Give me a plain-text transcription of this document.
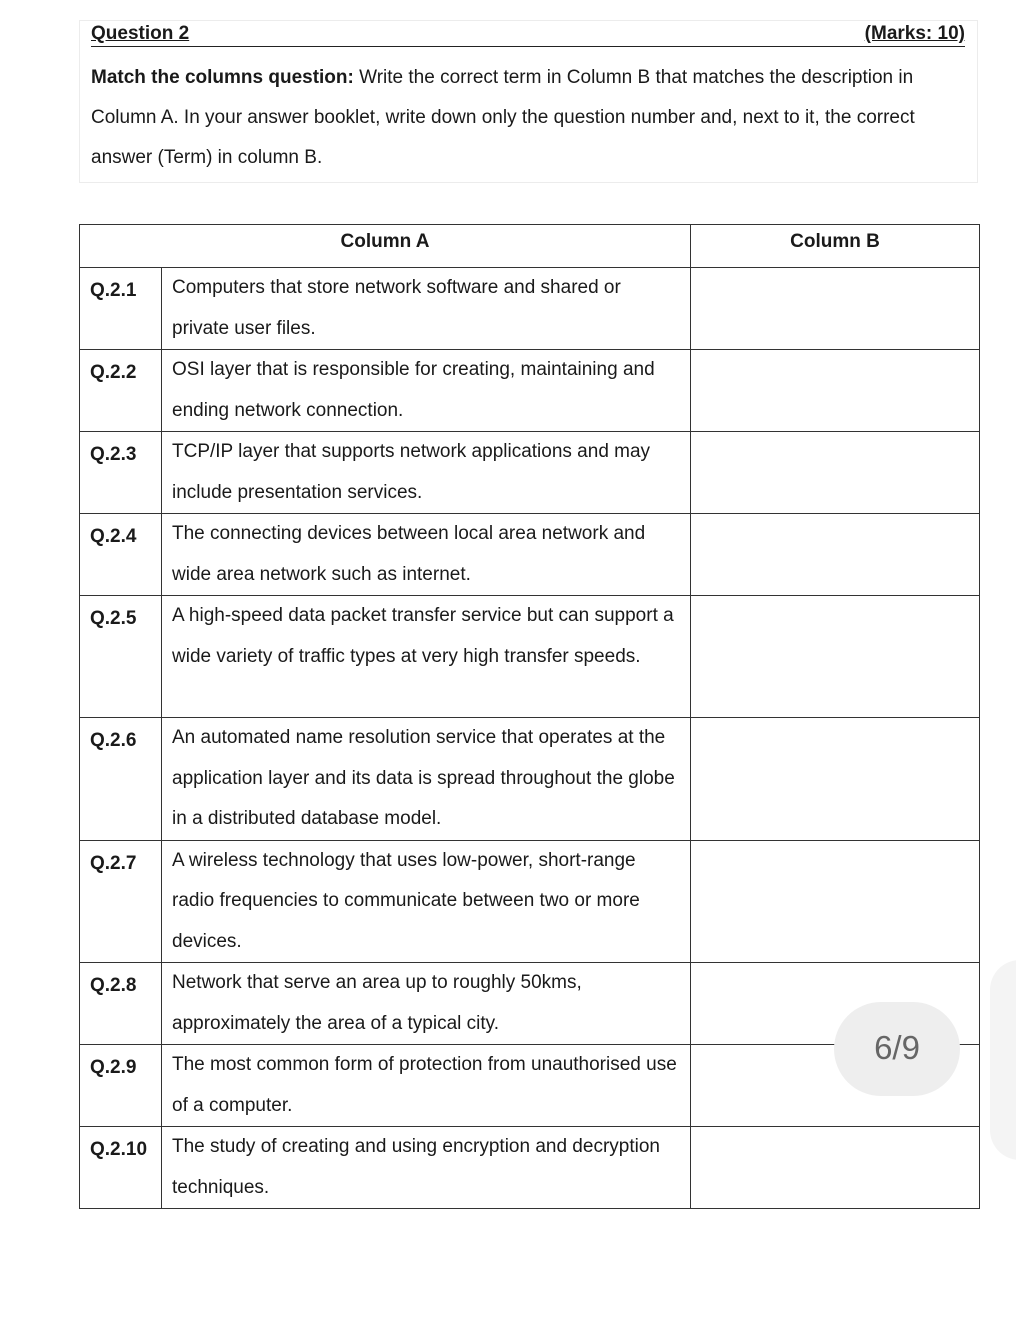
Question 2	(Marks: 10)

Match the columns question: Write the correct term in Column B that matches the description in Column A. In your answer booklet, write down only the question number and, next to it, the correct answer (Term) in column B.

Column A		Column B
Q.2.1	Computers that store network software and shared or private user files.	
Q.2.2	OSI layer that is responsible for creating, maintaining and ending network connection.	
Q.2.3	TCP/IP layer that supports network applications and may include presentation services.	
Q.2.4	The connecting devices between local area network and wide area network such as internet.	
Q.2.5	A high-speed data packet transfer service but can support a wide variety of traffic types at very high transfer speeds.	
Q.2.6	An automated name resolution service that operates at the application layer and its data is spread throughout the globe in a distributed database model.	
Q.2.7	A wireless technology that uses low-power, short-range radio frequencies to communicate between two or more devices.	
Q.2.8	Network that serve an area up to roughly 50kms, approximately the area of a typical city.	
Q.2.9	The most common form of protection from unauthorised use of a computer.	
Q.2.10	The study of creating and using encryption and decryption techniques.	
6/9
